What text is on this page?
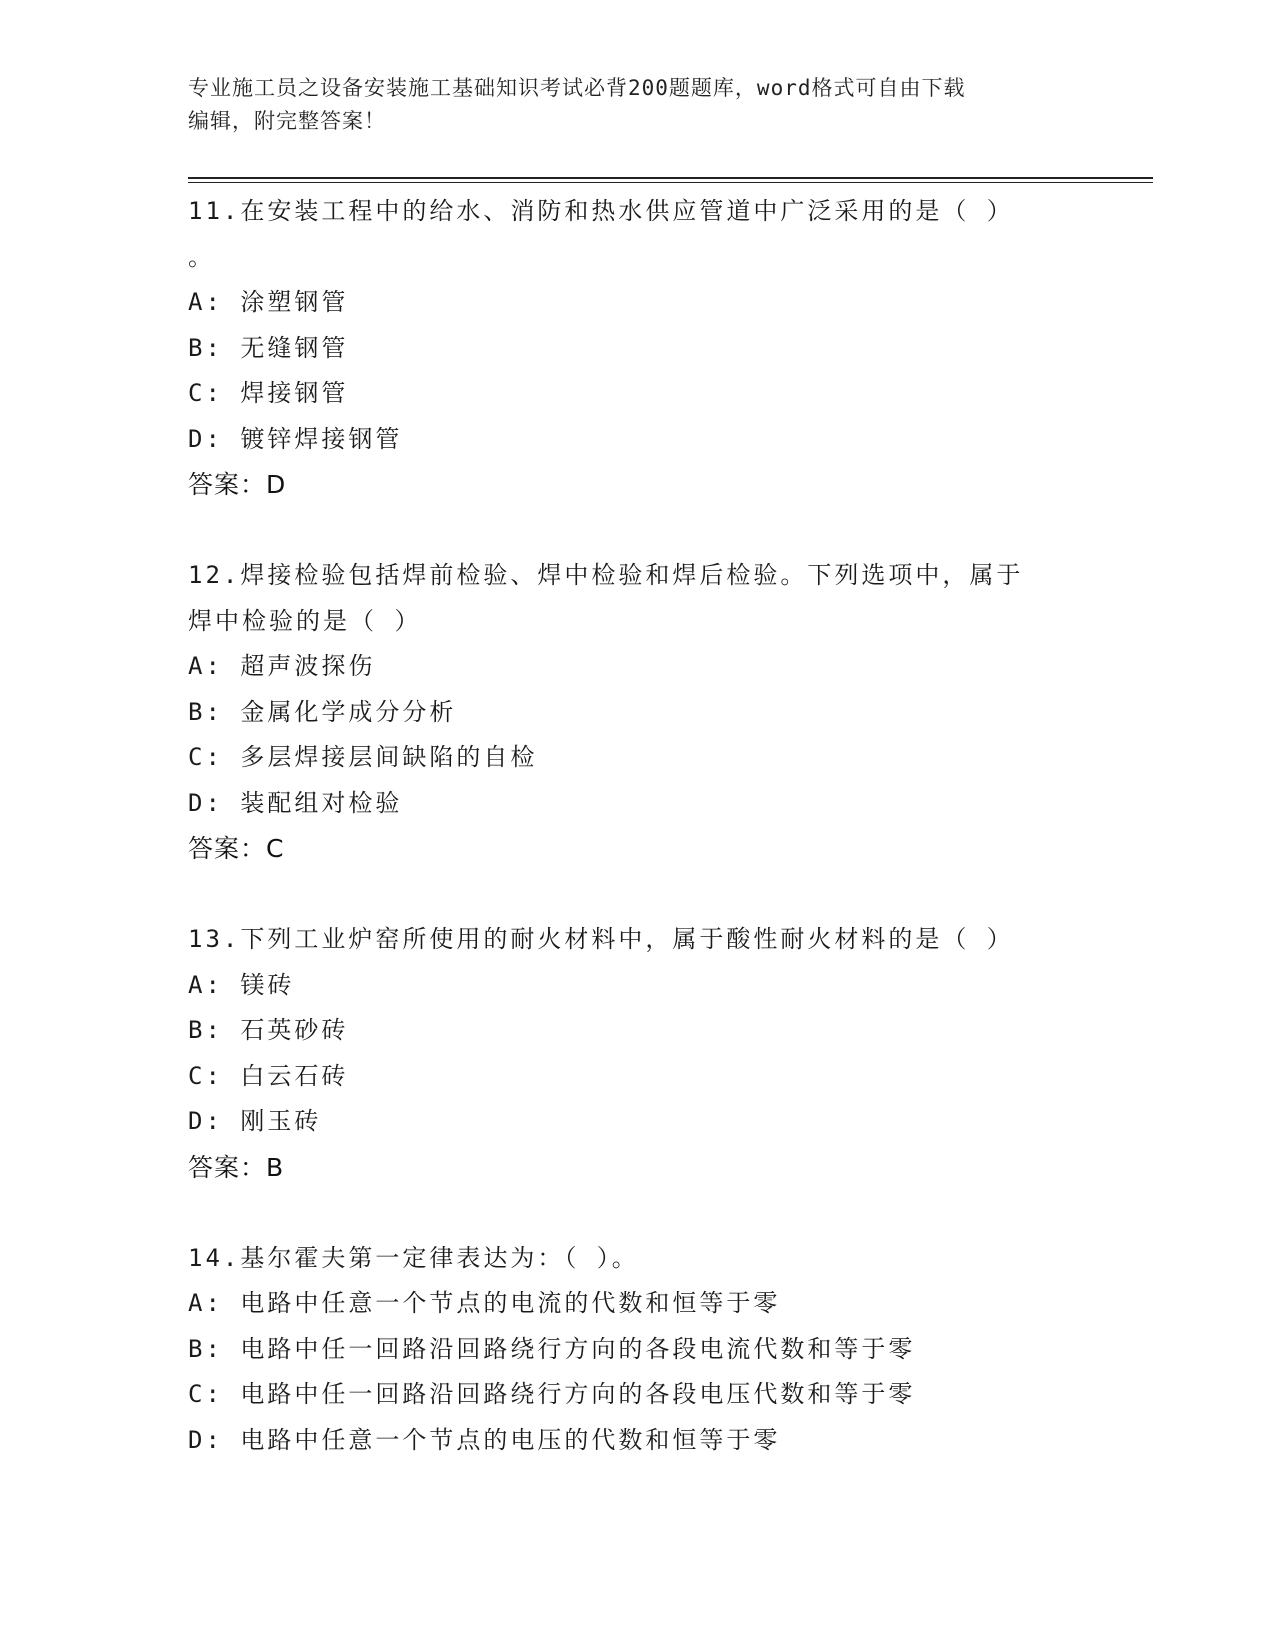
专业施工员之设备安装施工基础知识考试必背200题题库，word格式可自由下载
编辑，附完整答案！
11.在安装工程中的给水、消防和热水供应管道中广泛采用的是（ ）
。
A: 涂塑钢管
B: 无缝钢管
C: 焊接钢管
D: 镀锌焊接钢管
答案：D
12.焊接检验包括焊前检验、焊中检验和焊后检验。下列选项中，属于
焊中检验的是（ ）
A: 超声波探伤
B: 金属化学成分分析
C: 多层焊接层间缺陷的自检
D: 装配组对检验
答案：C
13.下列工业炉窑所使用的耐火材料中，属于酸性耐火材料的是（ ）
A: 镁砖
B: 石英砂砖
C: 白云石砖
D: 刚玉砖
答案：B
14.基尔霍夫第一定律表达为：（ ）。
A: 电路中任意一个节点的电流的代数和恒等于零
B: 电路中任一回路沿回路绕行方向的各段电流代数和等于零
C: 电路中任一回路沿回路绕行方向的各段电压代数和等于零
D: 电路中任意一个节点的电压的代数和恒等于零
